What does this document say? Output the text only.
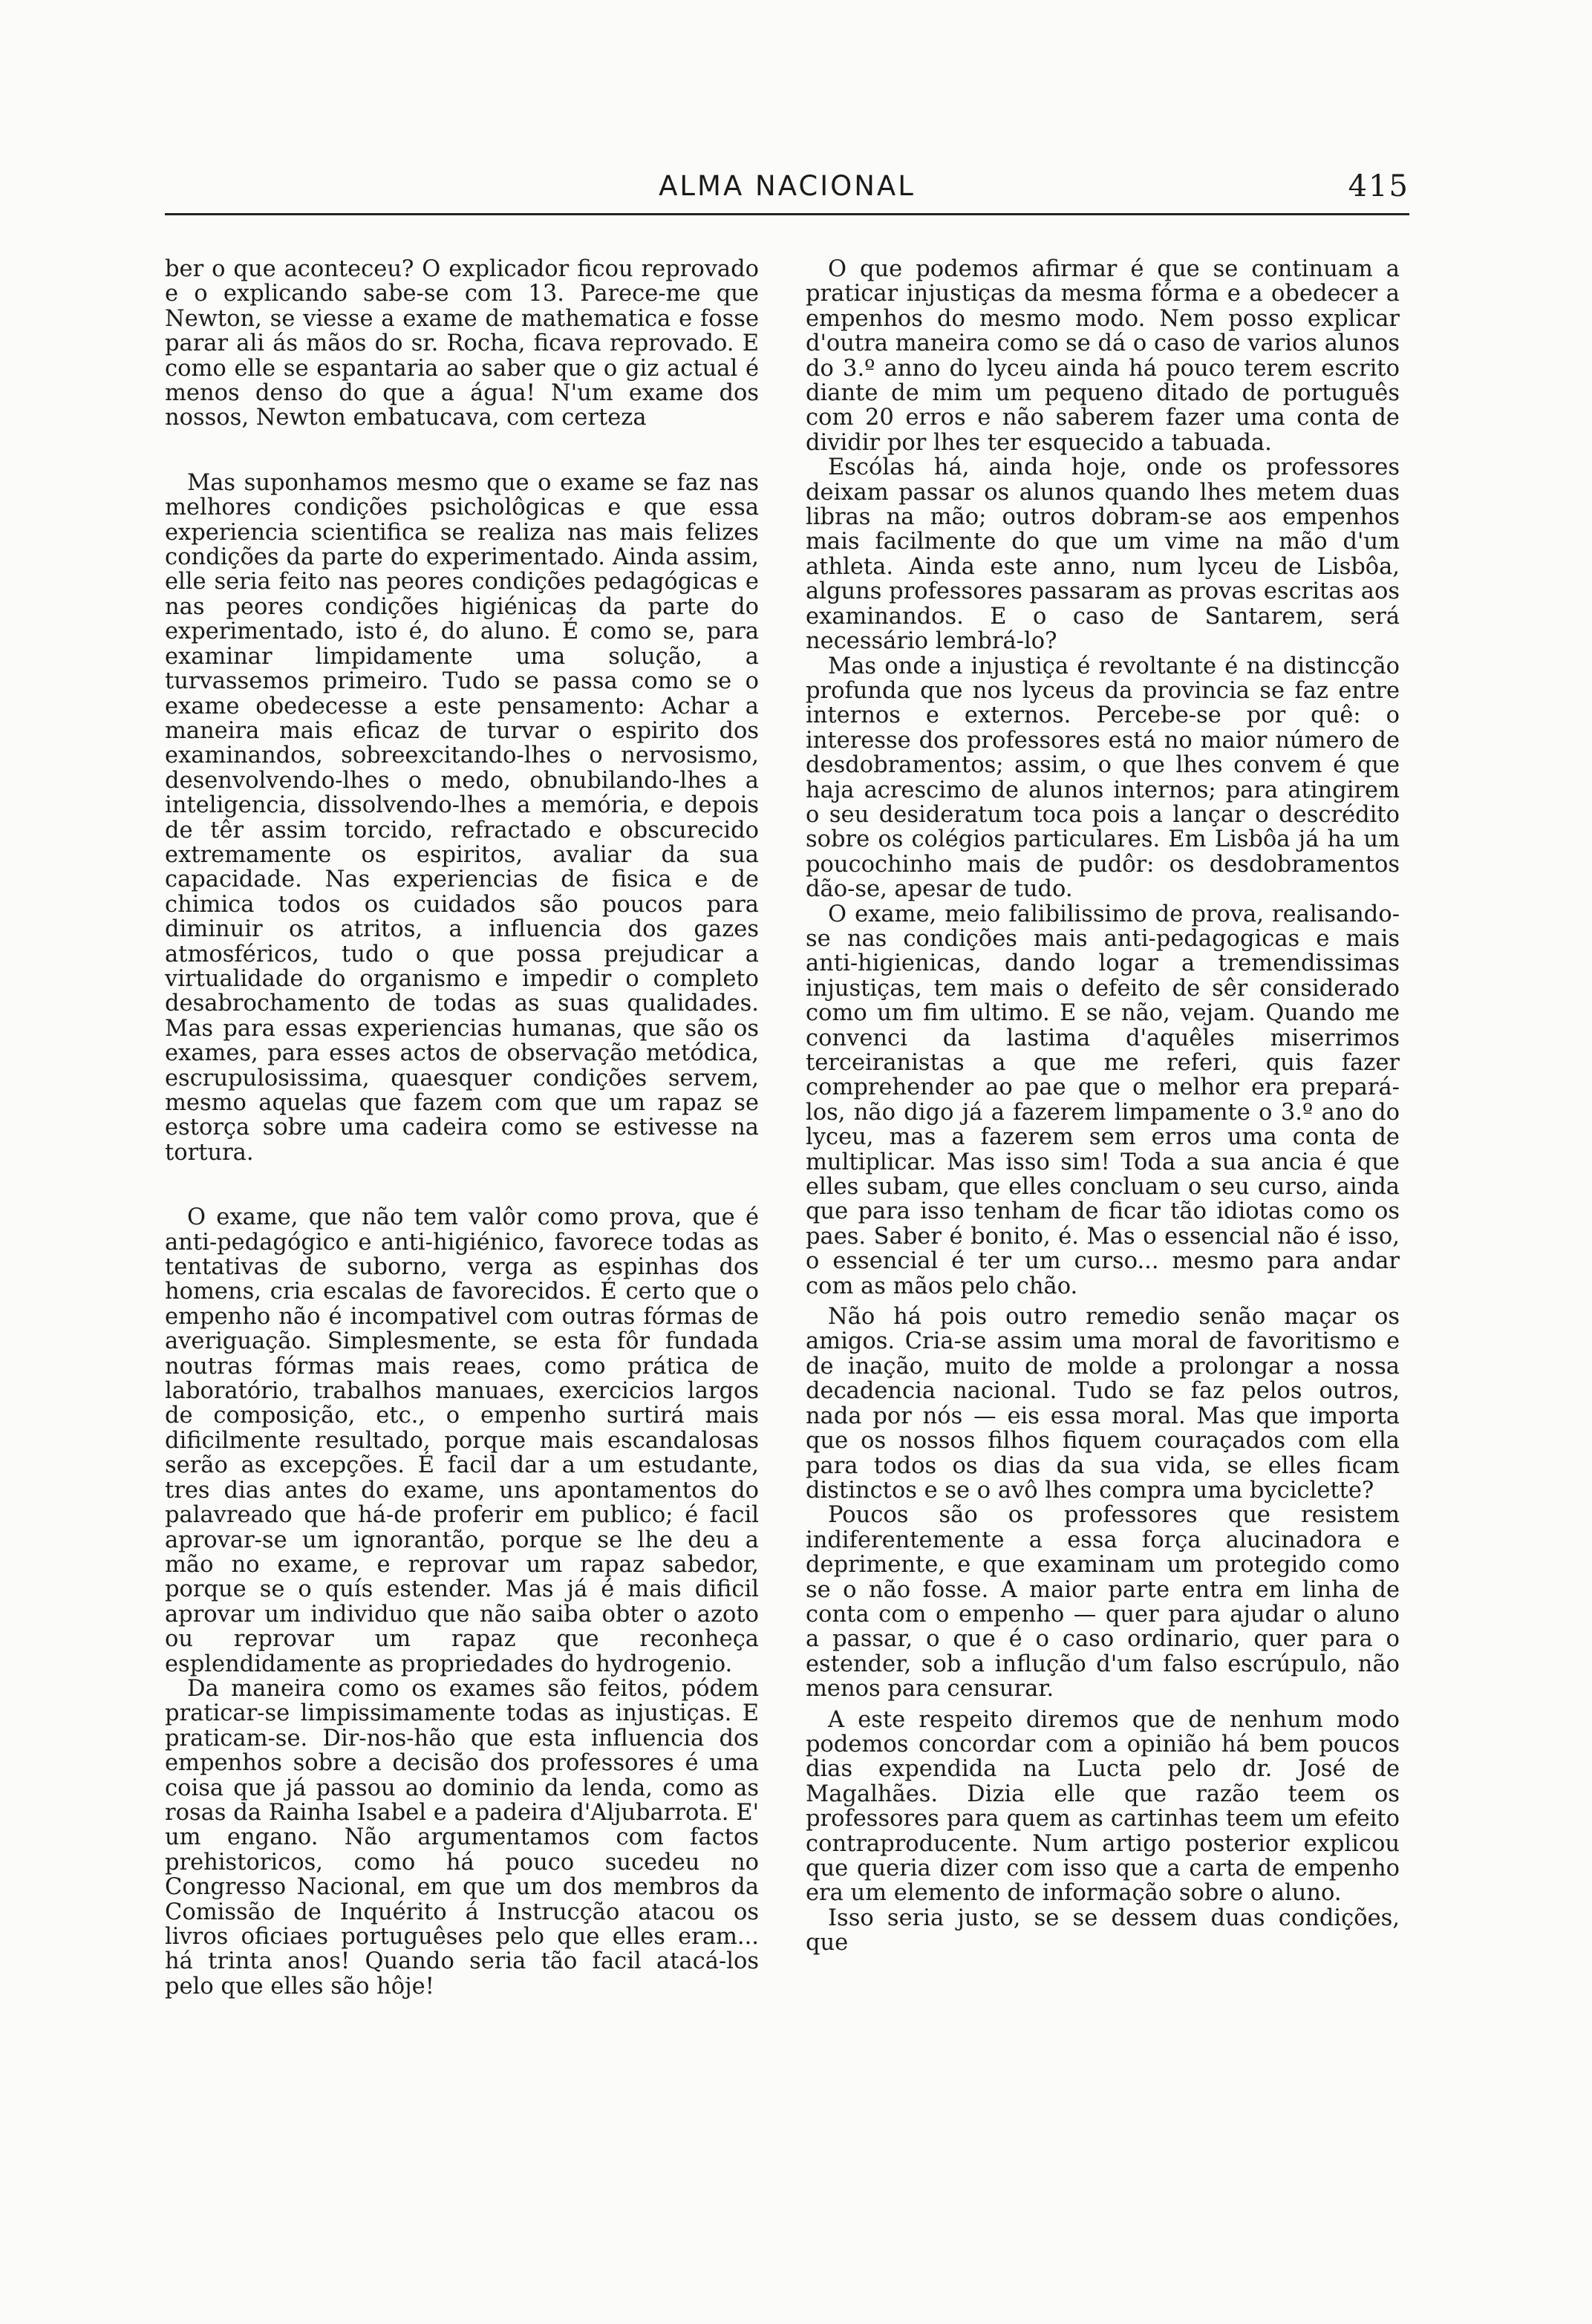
ALMA NACIONAL	415

ber o que aconteceu? O explicador ficou reprovado e o explicando sabe-se com 13. Parece-me que Newton, se viesse a exame de mathematica e fosse parar ali ás mãos do sr. Rocha, ficava reprovado. E como elle se espantaria ao saber que o giz actual é menos denso do que a água! N'um exame dos nossos, Newton embatucava, com certeza

Mas suponhamos mesmo que o exame se faz nas melhores condições psicholôgicas e que essa experiencia scientifica se realiza nas mais felizes condições da parte do experimentado. Ainda assim, elle seria feito nas peores condições pedagógicas e nas peores condições higiénicas da parte do experimentado, isto é, do aluno. É como se, para examinar limpidamente uma solução, a turvassemos primeiro. Tudo se passa como se o exame obedecesse a este pensamento: Achar a maneira mais eficaz de turvar o espirito dos examinandos, sobreexcitando-lhes o nervosismo, desenvolvendo-lhes o medo, obnubilando-lhes a inteligencia, dissolvendo-lhes a memória, e depois de têr assim torcido, refractado e obscurecido extremamente os espiritos, avaliar da sua capacidade. Nas experiencias de fisica e de chimica todos os cuidados são poucos para diminuir os atritos, a influencia dos gazes atmosféricos, tudo o que possa prejudicar a virtualidade do organismo e impedir o completo desabrochamento de todas as suas qualidades. Mas para essas experiencias humanas, que são os exames, para esses actos de observação metódica, escrupulosissima, quaesquer condições servem, mesmo aquelas que fazem com que um rapaz se estorça sobre uma cadeira como se estivesse na tortura.

O exame, que não tem valôr como prova, que é anti-pedagógico e anti-higiénico, favorece todas as tentativas de suborno, verga as espinhas dos homens, cria escalas de favorecidos. É certo que o empenho não é incompativel com outras fórmas de averiguação. Simplesmente, se esta fôr fundada noutras fórmas mais reaes, como prática de laboratório, trabalhos manuaes, exercicios largos de composição, etc., o empenho surtirá mais dificilmente resultado, porque mais escandalosas serão as excepções. É facil dar a um estudante, tres dias antes do exame, uns apontamentos do palavreado que há-de proferir em publico; é facil aprovar-se um ignorantão, porque se lhe deu a mão no exame, e reprovar um rapaz sabedor, porque se o quís estender. Mas já é mais dificil aprovar um individuo que não saiba obter o azoto ou reprovar um rapaz que reconheça esplendidamente as propriedades do hydrogenio.

Da maneira como os exames são feitos, pódem praticar-se limpissimamente todas as injustiças. E praticam-se. Dir-nos-hão que esta influencia dos empenhos sobre a decisão dos professores é uma coisa que já passou ao dominio da lenda, como as rosas da Rainha Isabel e a padeira d'Aljubarrota. E' um engano. Não argumentamos com factos prehistoricos, como há pouco sucedeu no Congresso Nacional, em que um dos membros da Comissão de Inquérito á Instrucção atacou os livros oficiaes portuguêses pelo que elles eram... há trinta anos! Quando seria tão facil atacá-los pelo que elles são hôje!

O que podemos afirmar é que se continuam a praticar injustiças da mesma fórma e a obedecer a empenhos do mesmo modo. Nem posso explicar d'outra maneira como se dá o caso de varios alunos do 3.º anno do lyceu ainda há pouco terem escrito diante de mim um pequeno ditado de português com 20 erros e não saberem fazer uma conta de dividir por lhes ter esquecido a tabuada.

Escólas há, ainda hoje, onde os professores deixam passar os alunos quando lhes metem duas libras na mão; outros dobram-se aos empenhos mais facilmente do que um vime na mão d'um athleta. Ainda este anno, num lyceu de Lisbôa, alguns professores passaram as provas escritas aos examinandos. E o caso de Santarem, será necessário lembrá-lo?

Mas onde a injustiça é revoltante é na distincção profunda que nos lyceus da provincia se faz entre internos e externos. Percebe-se por quê: o interesse dos professores está no maior número de desdobramentos; assim, o que lhes convem é que haja acrescimo de alunos internos; para atingirem o seu desideratum toca pois a lançar o descrédito sobre os colégios particulares. Em Lisbôa já ha um poucochinho mais de pudôr: os desdobramentos dão-se, apesar de tudo.

O exame, meio falibilissimo de prova, realisando-se nas condições mais anti-pedagogicas e mais anti-higienicas, dando logar a tremendissimas injustiças, tem mais o defeito de sêr considerado como um fim ultimo. E se não, vejam. Quando me convenci da lastima d'aquêles miserrimos terceiranistas a que me referi, quis fazer comprehender ao pae que o melhor era prepará-los, não digo já a fazerem limpamente o 3.º ano do lyceu, mas a fazerem sem erros uma conta de multiplicar. Mas isso sim! Toda a sua ancia é que elles subam, que elles concluam o seu curso, ainda que para isso tenham de ficar tão idiotas como os paes. Saber é bonito, é. Mas o essencial não é isso, o essencial é ter um curso... mesmo para andar com as mãos pelo chão.

Não há pois outro remedio senão maçar os amigos. Cria-se assim uma moral de favoritismo e de inação, muito de molde a prolongar a nossa decadencia nacional. Tudo se faz pelos outros, nada por nós — eis essa moral. Mas que importa que os nossos filhos fiquem couraçados com ella para todos os dias da sua vida, se elles ficam distinctos e se o avô lhes compra uma byciclette?

Poucos são os professores que resistem indiferentemente a essa força alucinadora e deprimente, e que examinam um protegido como se o não fosse. A maior parte entra em linha de conta com o empenho — quer para ajudar o aluno a passar, o que é o caso ordinario, quer para o estender, sob a influção d'um falso escrúpulo, não menos para censurar.

A este respeito diremos que de nenhum modo podemos concordar com a opinião há bem poucos dias expendida na Lucta pelo dr. José de Magalhães. Dizia elle que razão teem os professores para quem as cartinhas teem um efeito contraproducente. Num artigo posterior explicou que queria dizer com isso que a carta de empenho era um elemento de informação sobre o aluno.

Isso seria justo, se se dessem duas condições, que
